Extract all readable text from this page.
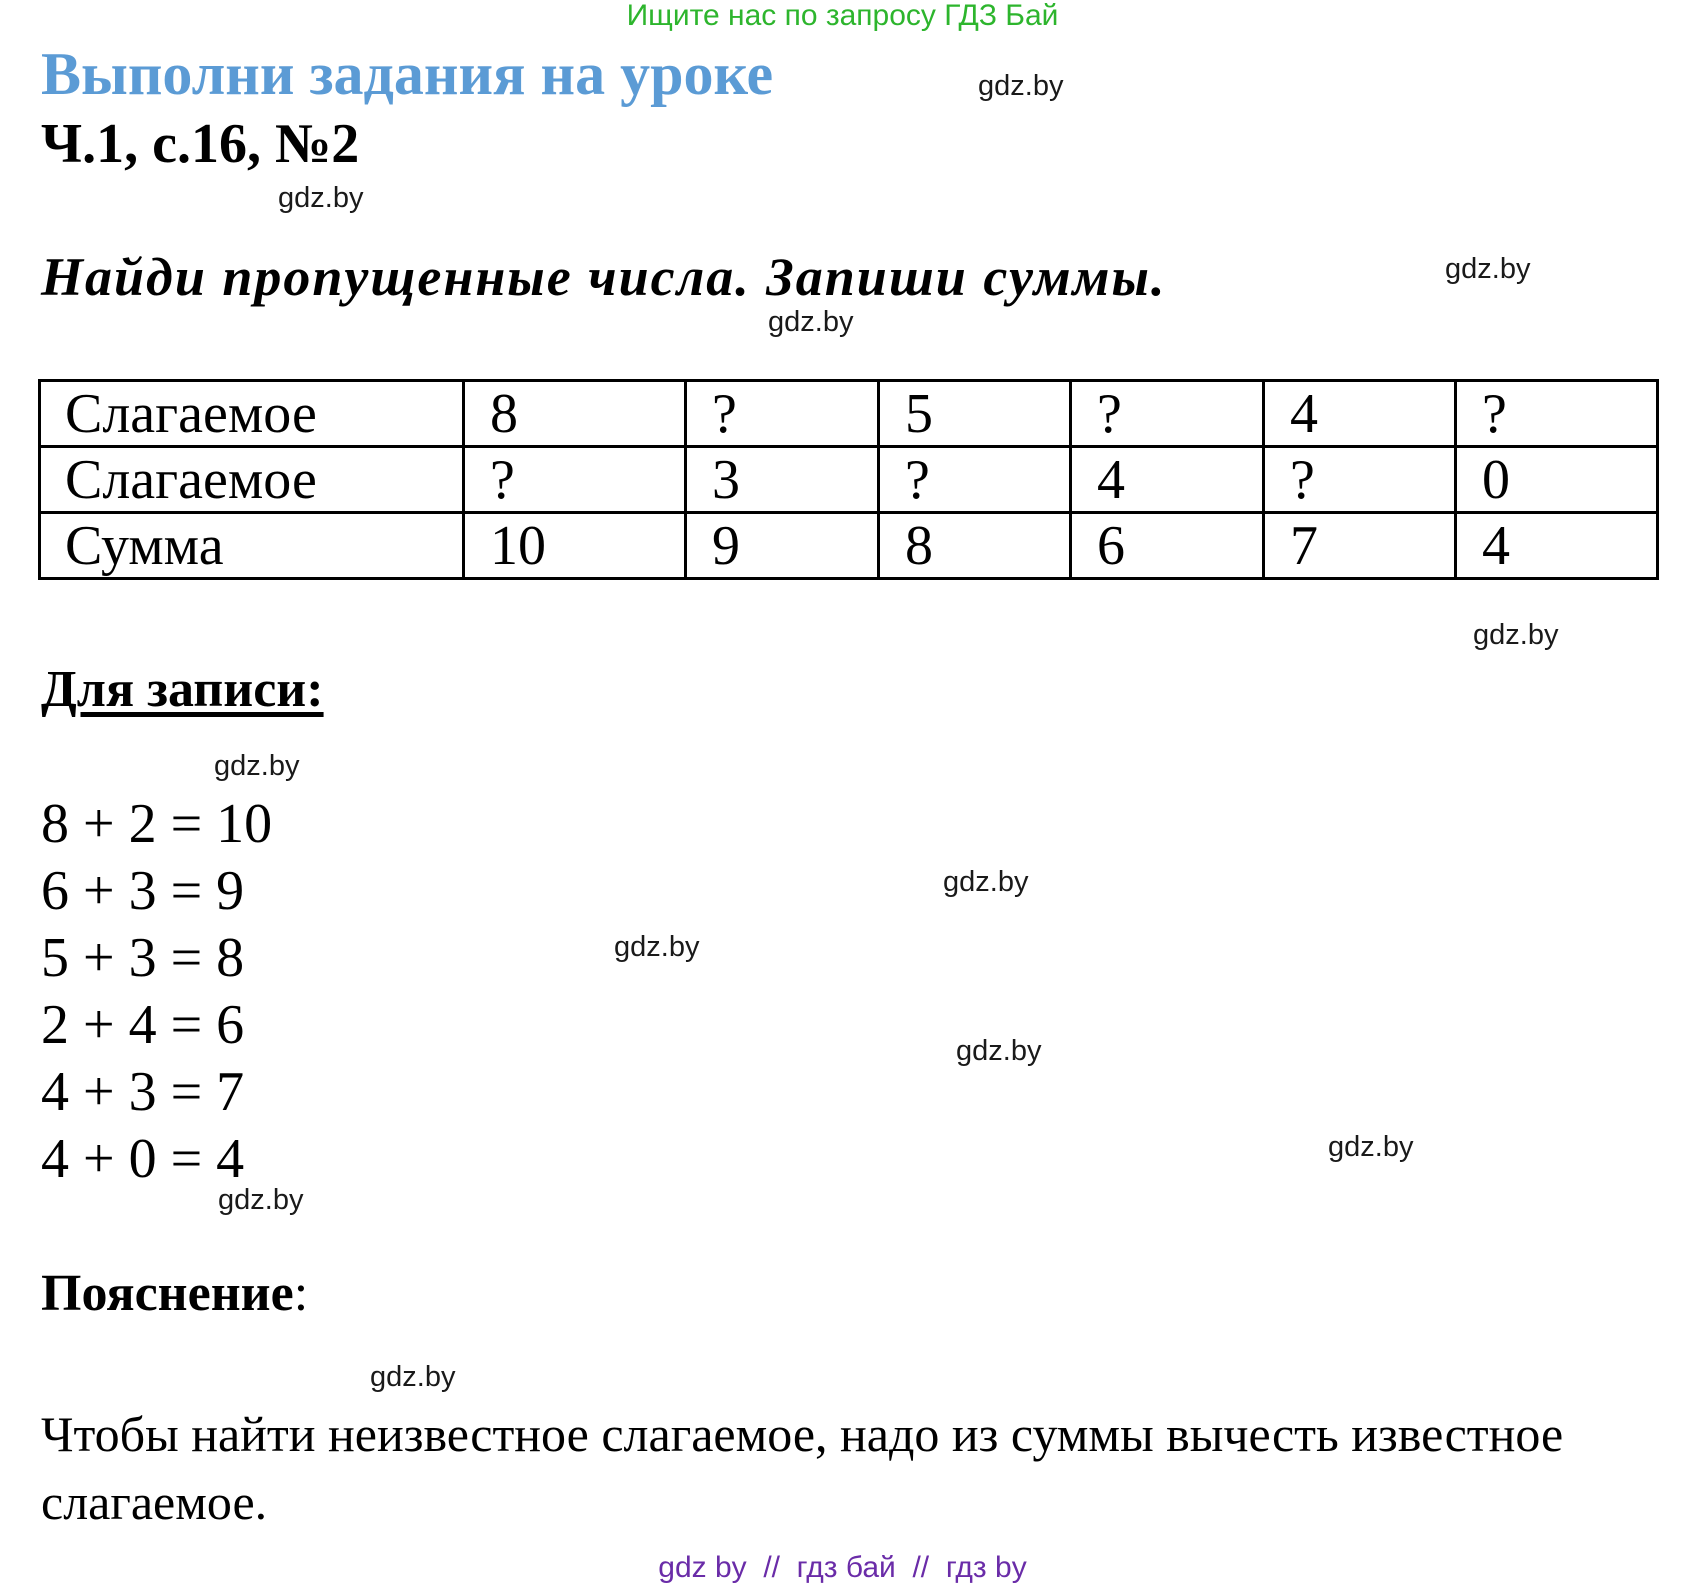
Ищите нас по запросу ГДЗ Бай
Выполни задания на уроке
Ч.1, с.16, №2
Найди пропущенные числа. Запиши суммы.
gdz.by
gdz.by
gdz.by
gdz.by
gdz.by
gdz.by
gdz.by
gdz.by
gdz.by
gdz.by
gdz.by
gdz.by
Слагаемое	8	?	5	?	4	?
Слагаемое	?	3	?	4	?	0
Сумма	10	9	8	6	7	4
Для записи:
8 + 2 = 10
6 + 3 = 9
5 + 3 = 8
2 + 4 = 6
4 + 3 = 7
4 + 0 = 4
Пояснение:
Чтобы найти неизвестное слагаемое, надо из суммы вычесть известное слагаемое.
gdz by  //  гдз бай  //  гдз by
